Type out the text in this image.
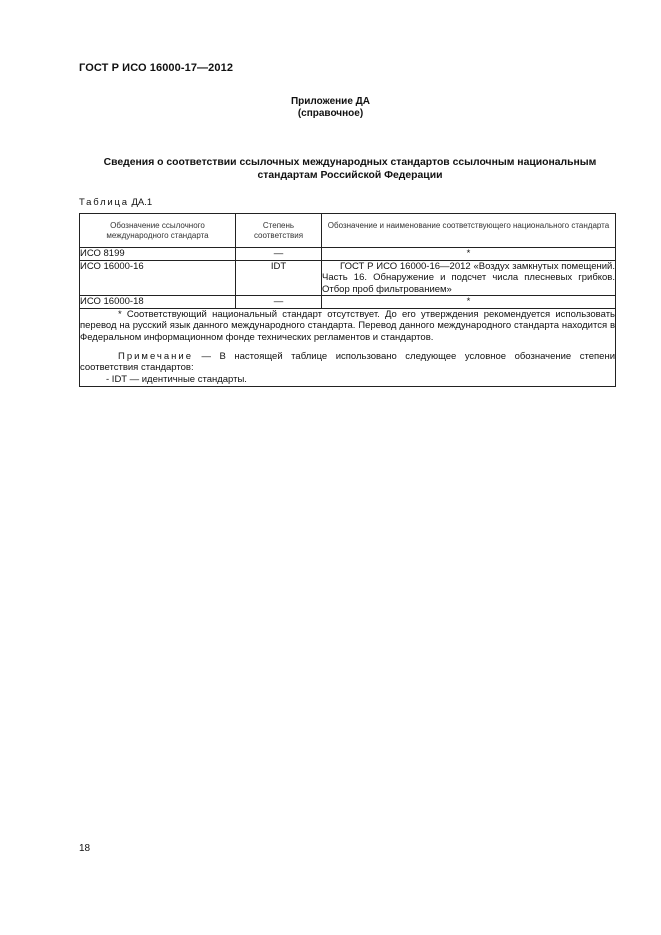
ГОСТ Р ИСО 16000-17—2012
Приложение ДА
(справочное)
Сведения о соответствии ссылочных международных стандартов ссылочным национальным
стандартам Российской Федерации
Таблица ДА.1
Обозначение ссылочного международного стандарта	Степень соответствия	Обозначение и наименование соответствующего национального стандарта
ИСО 8199	—	*
ИСО 16000-16	IDT	ГОСТ Р ИСО 16000-16—2012 «Воздух замкнутых помещений. Часть 16. Обнаружение и подсчет числа плесневых грибков. Отбор проб фильтрованием»
ИСО 16000-18	—	*

* Соответствующий национальный стандарт отсутствует. До его утверждения рекомендуется использовать перевод на русский язык данного международного стандарта. Перевод данного международного стандарта находится в Федеральном информационном фонде технических регламентов и стандартов.

Примечание — В настоящей таблице использовано следующее условное обозначение степени соответствия стандартов:

- IDT — идентичные стандарты.		

18
